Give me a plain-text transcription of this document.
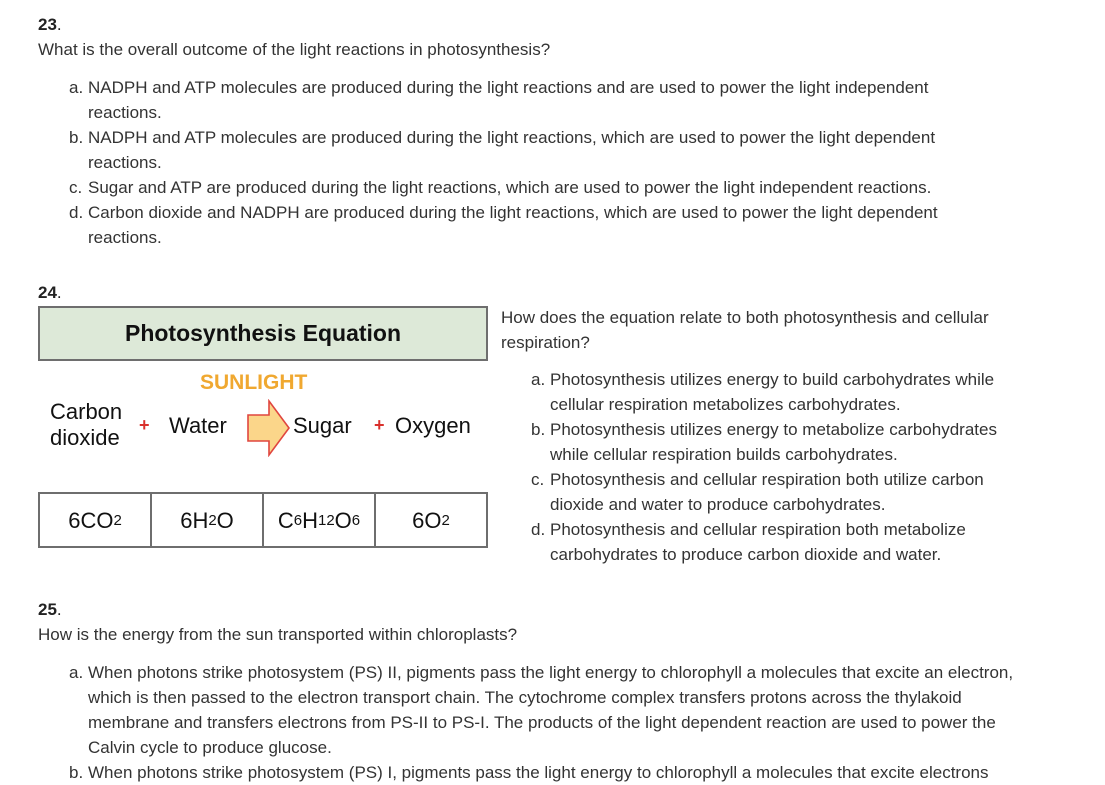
23.
What is the overall outcome of the light reactions in photosynthesis?
a. NADPH and ATP molecules are produced during the light reactions and are used to power the light independent reactions.
b. NADPH and ATP molecules are produced during the light reactions, which are used to power the light dependent reactions.
c. Sugar and ATP are produced during the light reactions, which are used to power the light independent reactions.
d. Carbon dioxide and NADPH are produced during the light reactions, which are used to power the light dependent reactions.
24.
Photosynthesis Equation
SUNLIGHT
Carbon
dioxide + Water	Sugar + Oxygen
6CO 2	6H 2 O C 6 H 12 O 6 6O 2
How does the equation relate to both photosynthesis and cellular respiration?
a. Photosynthesis utilizes energy to build carbohydrates while cellular respiration metabolizes carbohydrates.
b. Photosynthesis utilizes energy to metabolize carbohydrates while cellular respiration builds carbohydrates.
c. Photosynthesis and cellular respiration both utilize carbon dioxide and water to produce carbohydrates.
d. Photosynthesis and cellular respiration both metabolize carbohydrates to produce carbon dioxide and water.
25.
How is the energy from the sun transported within chloroplasts?
a. When photons strike photosystem (PS) II, pigments pass the light energy to chlorophyll a molecules that excite an electron, which is then passed to the electron transport chain. The cytochrome complex transfers protons across the thylakoid membrane and transfers electrons from PS-II to PS-I. The products of the light dependent reaction are used to power the Calvin cycle to produce glucose.
b. When photons strike photosystem (PS) I, pigments pass the light energy to chlorophyll a molecules that excite electrons
